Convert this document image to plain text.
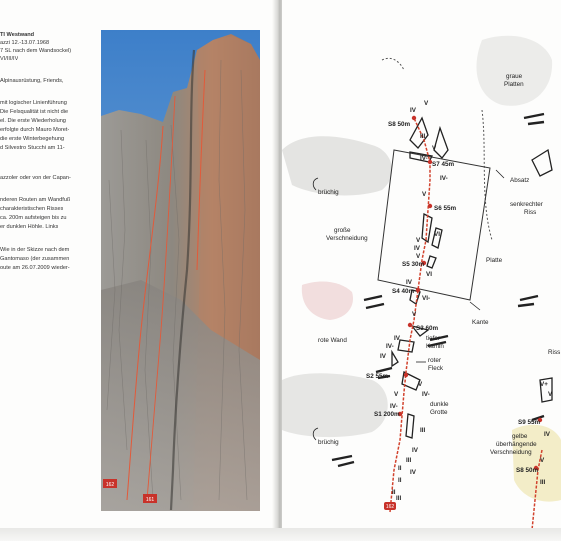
TI Westwand
azzi 12.-13.07.1968
7 SL nach dem Wandsockel)
VI/III/IV
Alpinausrüstung, Friends,
mit logischer Linienführung
Die Felsqualität ist nicht die
el. Die erste Wiederholung
erfolgte durch Mauro Moret-
die erste Winterbegehung
d Silvestro Stucchi am 11-
azzoler oder von der Capan-
nderen Routen am Wandfuß
charakteristischen Risses
ca. 200m aufsteigen bis zu
er dunklen Höhle. Links
Wie in der Skizze nach dem
Gantomaso (der zusammen
oute am 26.07.2009 wieder-
162
161
162
V
IV
III
V
IV-
IV-
V
VI
V
IV
V
VI
IV
VI-
V
IV
IV-
IV
V
IV-
V
IV-
III
IV
III
II
IV
II
II
III
S8 50m
S7 45m
S6 55m
S5 30m
S4 40m
S3 60m
S2 55m
S1 200m
graue
Platten
brüchig
große
Verschneidung
Platte
Kante
rote Wand	tiefer
Kamin
roter
Fleck
dunkle
Grotte
brüchig
Absatz
senkrechter
Riss
Riss
gelbe
überhängende
Verschneidung
S9 55m
S8 50m
V+
V
IV
V
III
